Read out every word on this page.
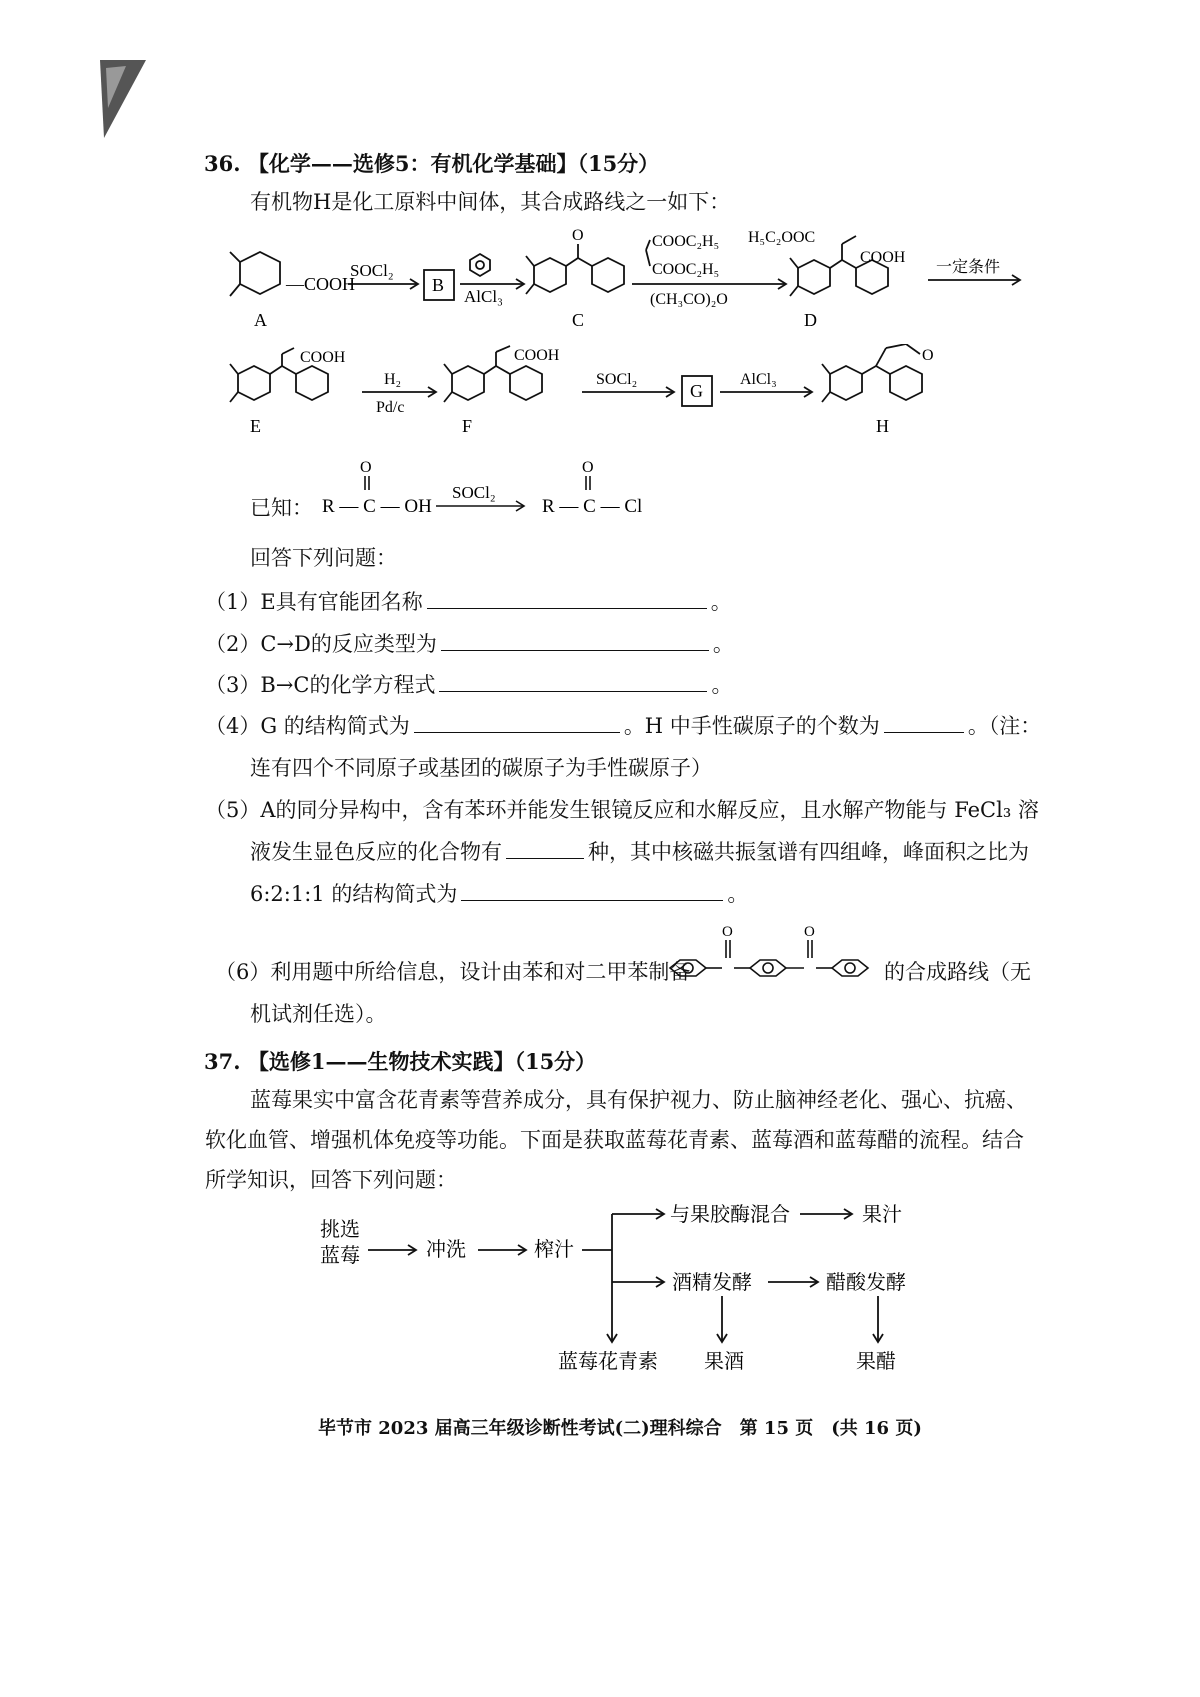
36. 【化学——选修5：有机化学基础】（15分）
有机物H是化工原料中间体，其合成路线之一如下：
—COOH
A
SOCl₂
B
AlCl₃
O
C
COOC₂H₅
COOC₂H₅
(CH₃CO)₂O
H₅C₂OOC
COOH
D
一定条件
COOH
E
H₂
Pd/c
COOH
F
SOCl₂
G
AlCl₃
O
H
已知：
O
R — C — OH
SOCl₂
O
R — C — Cl
回答下列问题：
（1）E具有官能团名称	。
（2）C→D的反应类型为	。
（3）B→C的化学方程式	。
（4）G 的结构简式为	。H 中手性碳原子的个数为	。（注：
连有四个不同原子或基团的碳原子为手性碳原子）
（5）A的同分异构中，含有苯环并能发生银镜反应和水解反应，且水解产物能与 FeCl₃ 溶
液发生显色反应的化合物有	种，其中核磁共振氢谱有四组峰，峰面积之比为
6:2:1:1 的结构简式为	。
（6）利用题中所给信息，设计由苯和对二甲苯制备
O	O
的合成路线（无
机试剂任选）。
37. 【选修1——生物技术实践】（15分）
蓝莓果实中富含花青素等营养成分，具有保护视力、防止脑神经老化、强心、抗癌、
软化血管、增强机体免疫等功能。下面是获取蓝莓花青素、蓝莓酒和蓝莓醋的流程。结合
所学知识，回答下列问题：
挑选
蓝莓	冲洗	榨汁
与果胶酶混合	果汁
酒精发酵	醋酸发酵
蓝莓花青素 果酒	果醋
毕节市 2023 届高三年级诊断性考试(二)理科综合　第 15 页　(共 16 页)
